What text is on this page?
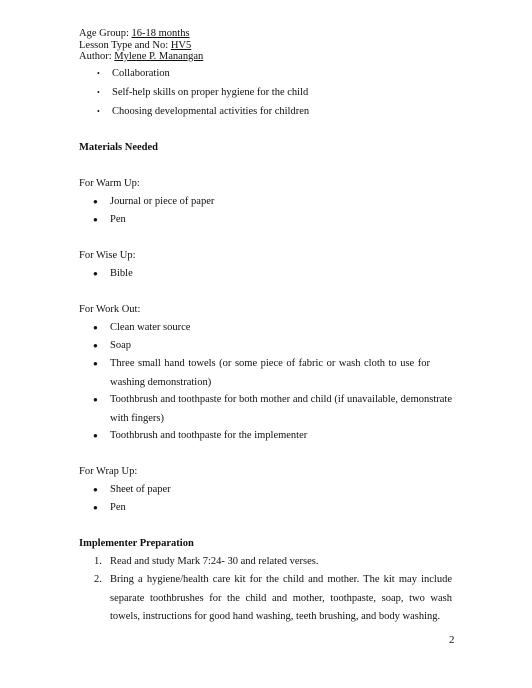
Age Group: 16-18 months
Lesson Type and No: HV5
Author: Mylene P. Manangan
• Collaboration
• Self-help skills on proper hygiene for the child
• Choosing developmental activities for children
Materials Needed
For Warm Up:
● Journal or piece of paper
● Pen
For Wise Up:
● Bible
For Work Out:
● Clean water source
● Soap
● Three small hand towels (or some piece of fabric or wash cloth to use for washing demonstration)
● Toothbrush and toothpaste for both mother and child (if unavailable, demonstrate with fingers)
● Toothbrush and toothpaste for the implementer
For Wrap Up:
● Sheet of paper
● Pen
Implementer Preparation
1. Read and study Mark 7:24- 30 and related verses.
2. Bring a hygiene/health care kit for the child and mother. The kit may include separate toothbrushes for the child and mother, toothpaste, soap, two wash towels, instructions for good hand washing, teeth brushing, and body washing.
2
